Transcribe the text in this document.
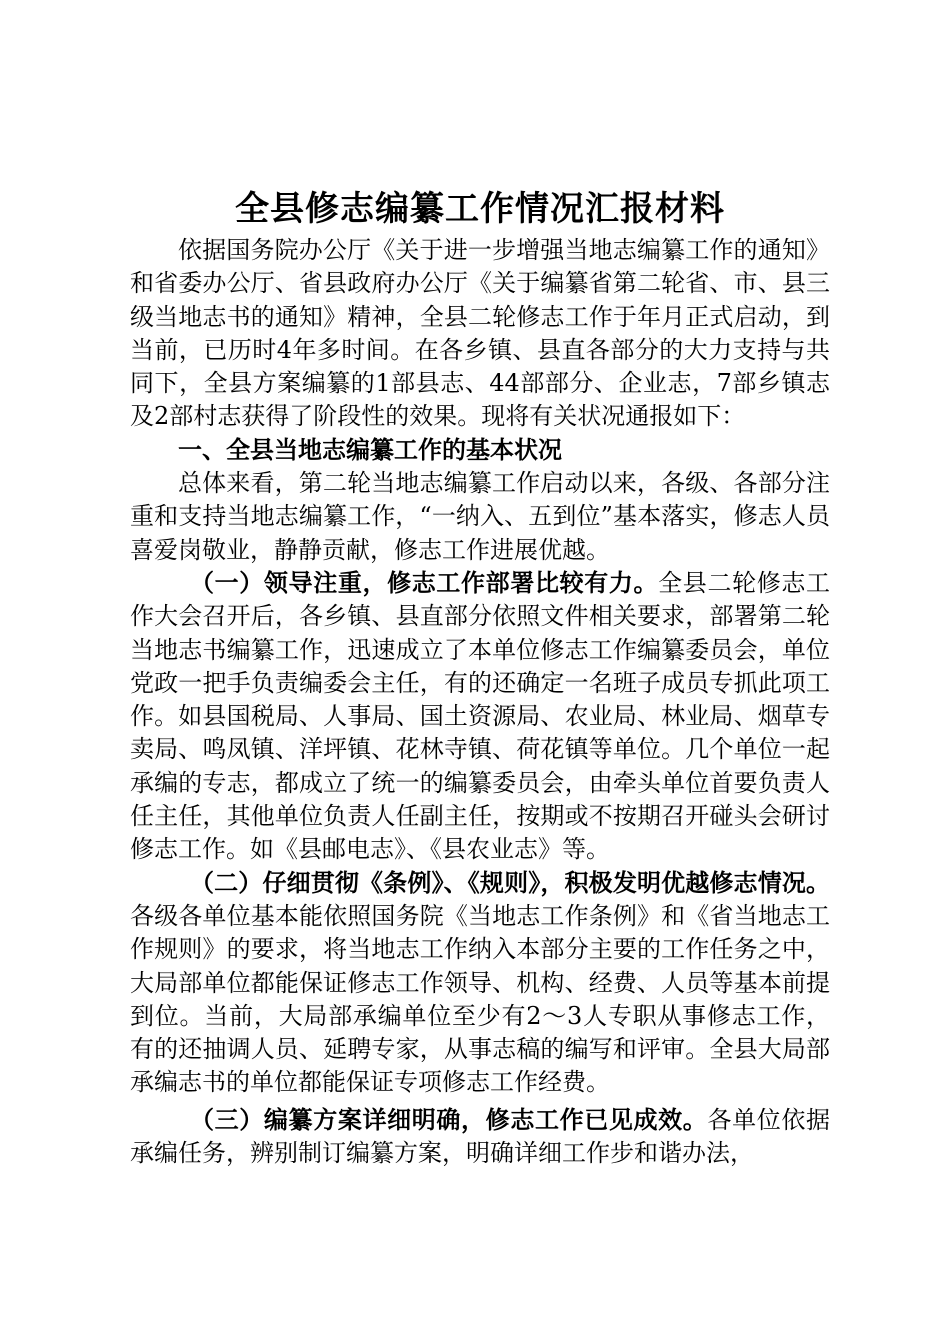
全县修志编纂工作情况汇报材料

依据国务院办公厅《关于进一步增强当地志编纂工作的通知》和省委办公厅、省县政府办公厅《关于编纂省第二轮省、市、县三级当地志书的通知》精神，全县二轮修志工作于年月正式启动，到当前，已历时4年多时间。在各乡镇、县直各部分的大力支持与共同下，全县方案编纂的1部县志、44部部分、企业志，7部乡镇志及2部村志获得了阶段性的效果。现将有关状况通报如下：

一、全县当地志编纂工作的基本状况

总体来看，第二轮当地志编纂工作启动以来，各级、各部分注重和支持当地志编纂工作，“一纳入、五到位”基本落实，修志人员喜爱岗敬业，静静贡献，修志工作进展优越。

（一）领导注重，修志工作部署比较有力。全县二轮修志工作大会召开后，各乡镇、县直部分依照文件相关要求，部署第二轮当地志书编纂工作，迅速成立了本单位修志工作编纂委员会，单位党政一把手负责编委会主任，有的还确定一名班子成员专抓此项工作。如县国税局、人事局、国土资源局、农业局、林业局、烟草专卖局、鸣凤镇、洋坪镇、花林寺镇、荷花镇等单位。几个单位一起承编的专志，都成立了统一的编纂委员会，由牵头单位首要负责人任主任，其他单位负责人任副主任，按期或不按期召开碰头会研讨修志工作。如《县邮电志》、《县农业志》等。

（二）仔细贯彻《条例》、《规则》，积极发明优越修志情况。各级各单位基本能依照国务院《当地志工作条例》和《省当地志工作规则》的要求，将当地志工作纳入本部分主要的工作任务之中，大局部单位都能保证修志工作领导、机构、经费、人员等基本前提到位。当前，大局部承编单位至少有2～3人专职从事修志工作，有的还抽调人员、延聘专家，从事志稿的编写和评审。全县大局部承编志书的单位都能保证专项修志工作经费。

（三）编纂方案详细明确，修志工作已见成效。各单位依据承编任务，辨别制订编纂方案，明确详细工作步和谐办法，
